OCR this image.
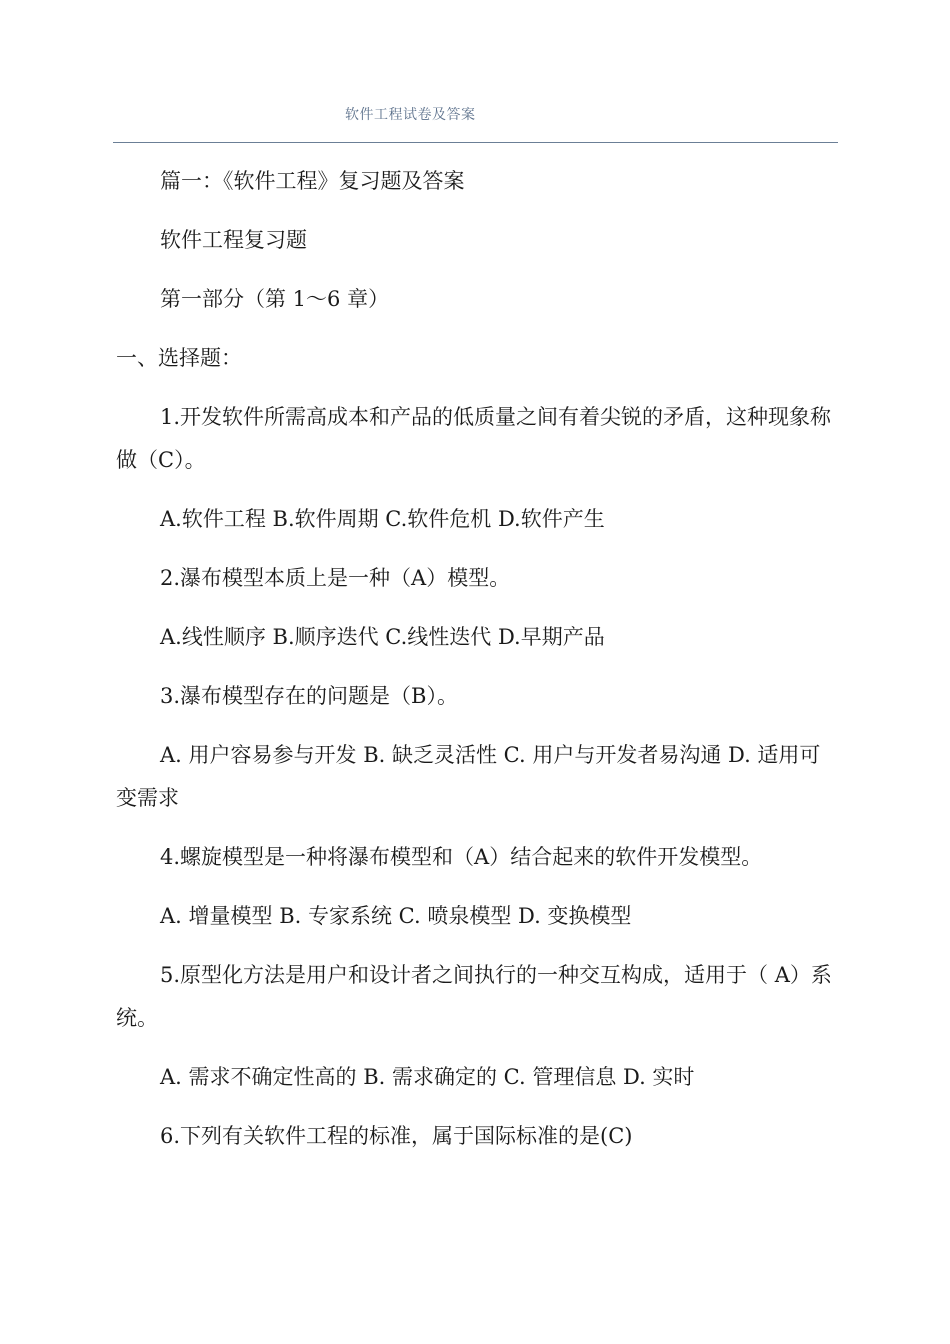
软件工程试卷及答案

篇一：《软件工程》复习题及答案

软件工程复习题

第一部分（第 1～6 章）

一、选择题：

1.开发软件所需高成本和产品的低质量之间有着尖锐的矛盾，这种现象称做（C）。

A.软件工程 B.软件周期 C.软件危机 D.软件产生

2.瀑布模型本质上是一种（A）模型。

A.线性顺序 B.顺序迭代 C.线性迭代 D.早期产品

3.瀑布模型存在的问题是（B）。

A. 用户容易参与开发 B. 缺乏灵活性 C. 用户与开发者易沟通 D. 适用可变需求

4.螺旋模型是一种将瀑布模型和（A）结合起来的软件开发模型。

A. 增量模型 B. 专家系统 C. 喷泉模型 D. 变换模型

5.原型化方法是用户和设计者之间执行的一种交互构成，适用于（ A）系统。

A. 需求不确定性高的 B. 需求确定的 C. 管理信息 D. 实时

6.下列有关软件工程的标准，属于国际标准的是(C)
